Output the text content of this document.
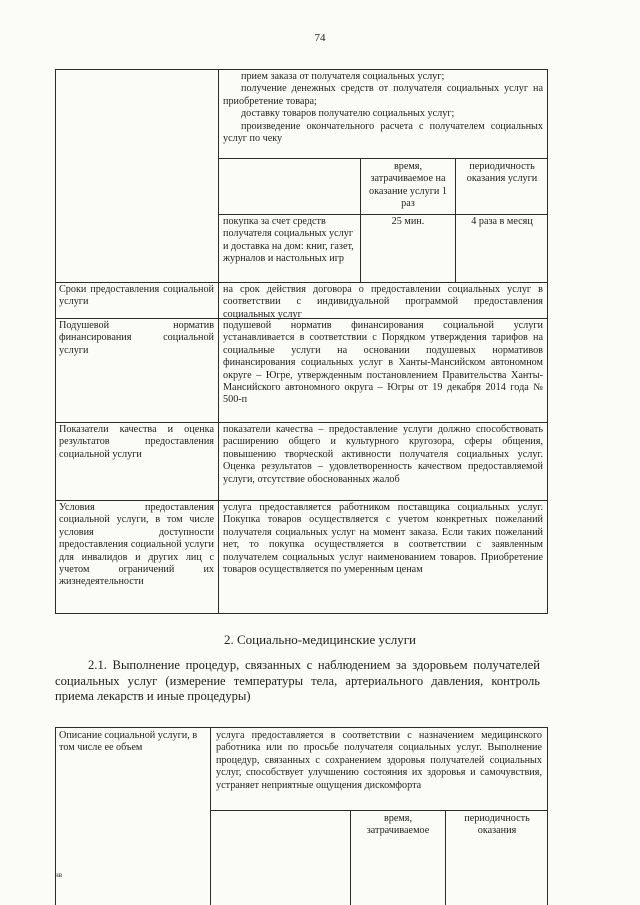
74
прием заказа от получателя социальных услуг;
получение денежных средств от получателя социальных услуг на приобретение товара;
доставку товаров получателю социальных услуг;
произведение окончательного расчета с получателем социальных услуг по чеку
время, затрачиваемое на оказание услуги 1 раз
периодичность оказания услуги
покупка за счет средств получателя социальных услуг и доставка на дом: книг, газет, журналов и настольных игр
25 мин.	4 раза в месяц
Сроки предоставления социальной услуги
на срок действия договора о предоставлении социальных услуг в соответствии с индивидуальной программой предоставления социальных услуг
Подушевой норматив финансирования социальной услуги
подушевой норматив финансирования социальной услуги устанавливается в соответствии с Порядком утверждения тарифов на социальные услуги на основании подушевых нормативов финансирования социальных услуг в Ханты-Мансийском автономном округе – Югре, утвержденным постановлением Правительства Ханты-Мансийского автономного округа – Югры от 19 декабря 2014 года № 500-п
Показатели качества и оценка результатов предоставления социальной услуги
показатели качества – предоставление услуги должно способствовать расширению общего и культурного кругозора, сферы общения, повышению творческой активности получателя социальных услуг. Оценка результатов – удовлетворенность качеством предоставляемой услуги, отсутствие обоснованных жалоб
Условия предоставления социальной услуги, в том числе условия доступности предоставления социальной услуги для инвалидов и других лиц с учетом ограничений их жизнедеятельности
услуга предоставляется работником поставщика социальных услуг. Покупка товаров осуществляется с учетом конкретных пожеланий получателя социальных услуг на момент заказа. Если таких пожеланий нет, то покупка осуществляется в соответствии с заявленным получателем социальных услуг наименованием товаров. Приобретение товаров осуществляется по умеренным ценам
2. Социально-медицинские услуги
2.1. Выполнение процедур, связанных с наблюдением за здоровьем получателей социальных услуг (измерение температуры тела, артериального давления, контроль приема лекарств и иные процедуры)
Описание социальной услуги, в том числе ее объем
услуга предоставляется в соответствии с назначением медицинского работника или по просьбе получателя социальных услуг. Выполнение процедур, связанных с сохранением здоровья получателей социальных услуг, способствует улучшению состояния их здоровья и самочувствия, устраняет неприятные ощущения дискомфорта
время, затрачиваемое
периодичность оказания
нв
